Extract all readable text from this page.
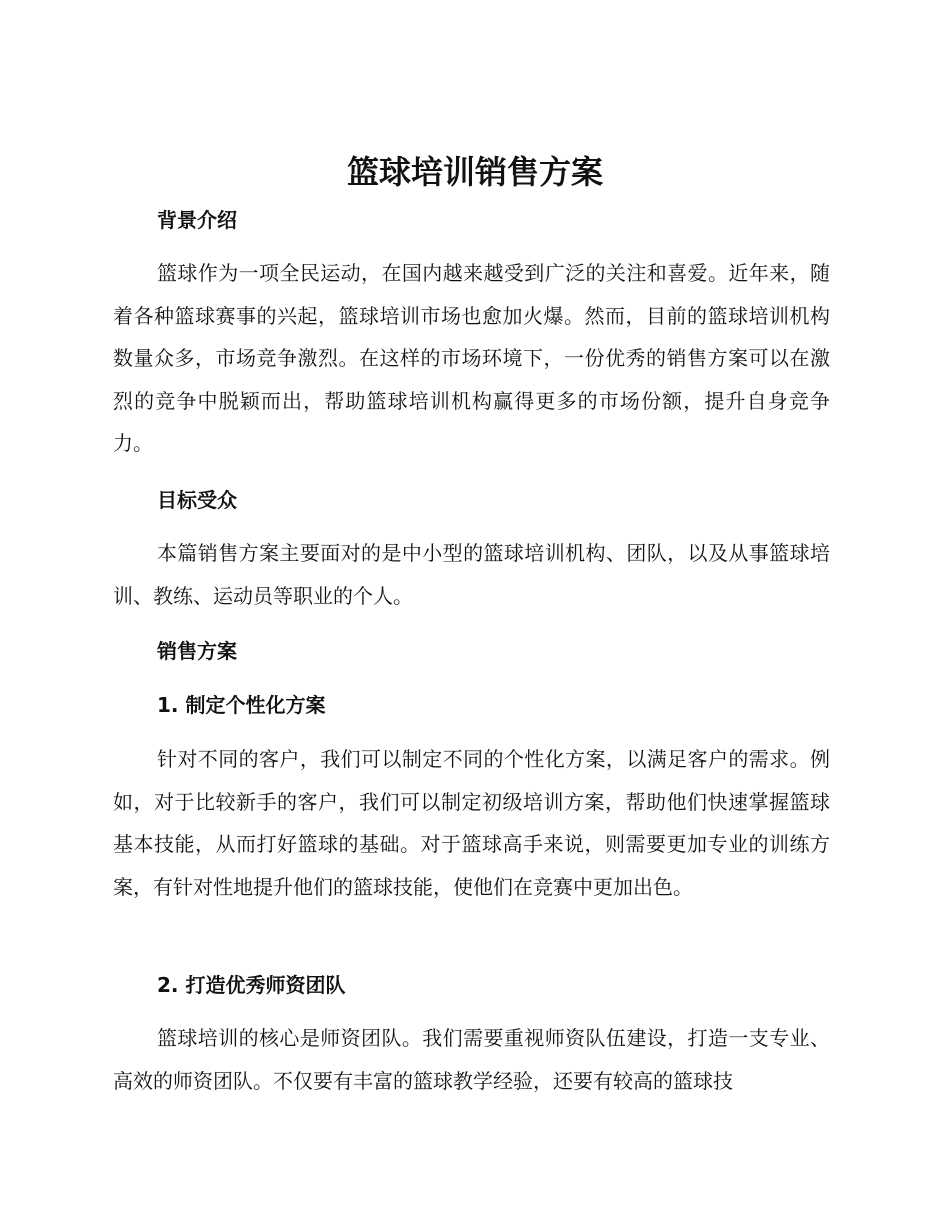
篮球培训销售方案
背景介绍

篮球作为一项全民运动，在国内越来越受到广泛的关注和喜爱。近年来，随着各种篮球赛事的兴起，篮球培训市场也愈加火爆。然而，目前的篮球培训机构数量众多，市场竞争激烈。在这样的市场环境下，一份优秀的销售方案可以在激烈的竞争中脱颖而出，帮助篮球培训机构赢得更多的市场份额，提升自身竞争力。

目标受众

本篇销售方案主要面对的是中小型的篮球培训机构、团队，以及从事篮球培训、教练、运动员等职业的个人。

销售方案
1. 制定个性化方案

针对不同的客户，我们可以制定不同的个性化方案，以满足客户的需求。例如，对于比较新手的客户，我们可以制定初级培训方案，帮助他们快速掌握篮球基本技能，从而打好篮球的基础。对于篮球高手来说，则需要更加专业的训练方案，有针对性地提升他们的篮球技能，使他们在竞赛中更加出色。

2. 打造优秀师资团队

篮球培训的核心是师资团队。我们需要重视师资队伍建设，打造一支专业、高效的师资团队。不仅要有丰富的篮球教学经验，还要有较高的篮球技
